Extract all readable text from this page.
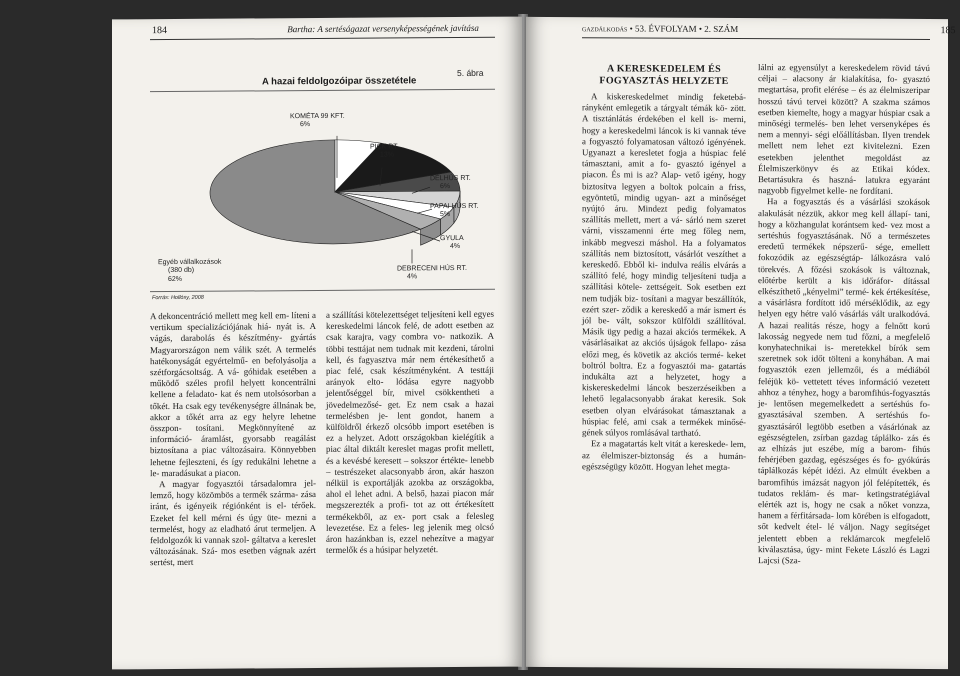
184	Bartha: A sertéságazat versenyképességének javítása
5. ábra
A hazai feldolgozóipar összetétele
Egyéb vállalkozások
(380 db)
62%
KOMÉTA 99 KFT.
6%
PICK RT
13%
DÉLHÚS RT.
6%
PAPAI HÚS RT.
5%
GYULA
4%
DEBRECENI HÚS RT.
4%
Forrás: Hollósy, 2008

A dekoncentráció mellett meg kell em- líteni a vertikum specializációjának hiá- nyát is. A vágás, darabolás és készítmény- gyártás Magyarországon nem válik szét. A termelés hatékonyságát egyértelmű- en befolyásolja a szétforgácsoltság. A vá- góhidak esetében a működő széles profil helyett koncentrálni kellene a feladato- kat és nem utolsósorban a tőkét. Ha csak egy tevékenységre állnának be, akkor a tőkét arra az egy helyre lehetne összpon- tosítani. Megkönnyítené az információ- áramlást, gyorsabb reagálást biztosítana a piac változásaira. Könnyebben lehetne fejleszteni, és így redukálni lehetne a le- maradásukat a piacon.

A magyar fogyasztói társadalomra jel- lemző, hogy közömbös a termék szárma- zása iránt, és igényeik régiónként is el- térőek. Ezeket fel kell mérni és úgy üte- mezni a termelést, hogy az eladható árut termeljen. A feldolgozók ki vannak szol- gáltatva a kereslet változásának. Szá- mos esetben vágnak azért sertést, mert

a szállítási kötelezettséget teljesíteni kell egyes kereskedelmi láncok felé, de adott esetben az csak karajra, vagy combra vo- natkozik. A többi testtájat nem tudnak mit kezdeni, tárolni kell, és fagyasztva már nem értékesíthető a piac felé, csak készítményként. A testtáji arányok elto- lódása egyre nagyobb jelentőséggel bír, mivel csökkentheti a jövedelmezősé- get. Ez nem csak a hazai termelésben je- lent gondot, hanem a külföldről érkező olcsóbb import esetében is ez a helyzet. Adott országokban kielégítik a piac által diktált kereslet magas profit mellett, és a kevésbé keresett – sokszor értékte- lenebb – testrészeket alacsonyabb áron, akár haszon nélkül is exportálják azokba az országokba, ahol el lehet adni. A belső, hazai piacon már megszerezték a profi- tot az ott értékesített termékekből, az ex- port csak a felesleg levezetése. Ez a feles- leg jelenik meg olcsó áron hazánkban is, ezzel nehezítve a magyar termelők és a húsipar helyzetét.

gazdálkodás • 53. ÉVFOLYAM • 2. SZÁM	185
A KERESKEDELEM ÉS FOGYASZTÁS HELYZETE

A kiskereskedelmet mindig feketebá- rányként emlegetik a tárgyalt témák kö- zött. A tisztánlátás érdekében el kell is- merni, hogy a kereskedelmi láncok is ki vannak téve a fogyasztó folyamatosan változó igényének. Ugyanazt a keresletet fogja a húspiac felé támasztani, amit a fo- gyasztó igényel a piacon. És mi is az? Alap- vető igény, hogy biztosítva legyen a boltok polcain a friss, egyöntetű, mindig ugyan- azt a minőséget nyújtó áru. Mindezt pedig folyamatos szállítás mellett, mert a vá- sárló nem szeret várni, visszamenni érte meg főleg nem, inkább megveszi máshol. Ha a folyamatos szállítás nem biztosított, vásárlót veszíthet a kereskedő. Ebből ki- indulva reális elvárás a szállító felé, hogy mindig teljesíteni tudja a szállítási kötele- zettségeit. Sok esetben ezt nem tudják biz- tosítani a magyar beszállítók, ezért szer- ződik a kereskedő a már ismert és jól be- vált, sokszor külföldi szállítóval. Másik ügy pedig a hazai akciós termékek. A vásárlásaikat az akciós újságok fellapo- zása előzi meg, és követik az akciós termé- keket boltról boltra. Ez a fogyasztói ma- gatartás indukálta azt a helyzetet, hogy a kiskereskedelmi láncok beszerzéseikben a lehető legalacsonyabb árakat keresik. Sok esetben olyan elvárásokat támasztanak a húspiac felé, ami csak a termékek minősé- gének súlyos romlásával tartható.

Ez a magatartás kelt vitát a kereskede- lem, az élelmiszer-biztonság és a humán- egészségügy között. Hogyan lehet megta-

lálni az egyensúlyt a kereskedelem rövid távú céljai – alacsony ár kialakítása, fo- gyasztó megtartása, profit elérése – és az élelmiszeripar hosszú távú tervei között? A szakma számos esetben kiemelte, hogy a magyar húspiar csak a minőségi termelés- ben lehet versenyképes és nem a mennyi- ségi előállításban. Ilyen trendek mellett nem lehet ezt kivitelezni. Ezen esetekben jelenthet megoldást az Élelmiszerkönyv és az Etikai kódex. Betartásukra és haszná- latukra egyaránt nagyobb figyelmet kelle- ne fordítani.

Ha a fogyasztás és a vásárlási szokások alakulását nézzük, akkor meg kell állapí- tani, hogy a közhangulat korántsem ked- vez most a sertéshús fogyasztásának. Nő a természetes eredetű termékek népszerű- sége, emellett fokozódik az egészségtáp- lálkozásra való törekvés. A főzési szokások is változnak, előtérbe került a kis időráfor- dítással elkészíthető „kényelmi” termé- kek értékesítése, a vásárlásra fordított idő mérséklődik, az egy helyen egy hétre való vásárlás vált uralkodóvá. A hazai realitás része, hogy a felnőtt korú lakosság negyede nem tud főzni, a megfelelő konyhatechnikai is- meretekkel bírók sem szeretnek sok időt tölteni a konyhában. A mai fogyasztók ezen jellemzői, és a médiából feléjük kö- vettetett téves információ vezetett ahhoz a tényhez, hogy a baromfihús-fogyasztás je- lentősen megemelkedett a sertéshús fo- gyasztásával szemben. A sertéshús fo- gyasztásáról legtöbb esetben a vásárlónak az egészségtelen, zsírban gazdag táplálko- zás és az elhízás jut eszébe, míg a barom- fihús fehérjében gazdag, egészséges és fo- gyókúrás táplálkozás képét idézi. Az elmúlt években a baromfihús imázsát nagyon jól felépítették, és tudatos reklám- és mar- ketingstratégiával elérték azt is, hogy ne csak a nőket vonzza, hanem a férfitársada- lom körében is elfogadott, sőt kedvelt étel- lé váljon. Nagy segítséget jelentett ebben a reklámarcok megfelelő kiválasztása, úgy- mint Fekete László és Lagzi Lajcsi (Sza-
